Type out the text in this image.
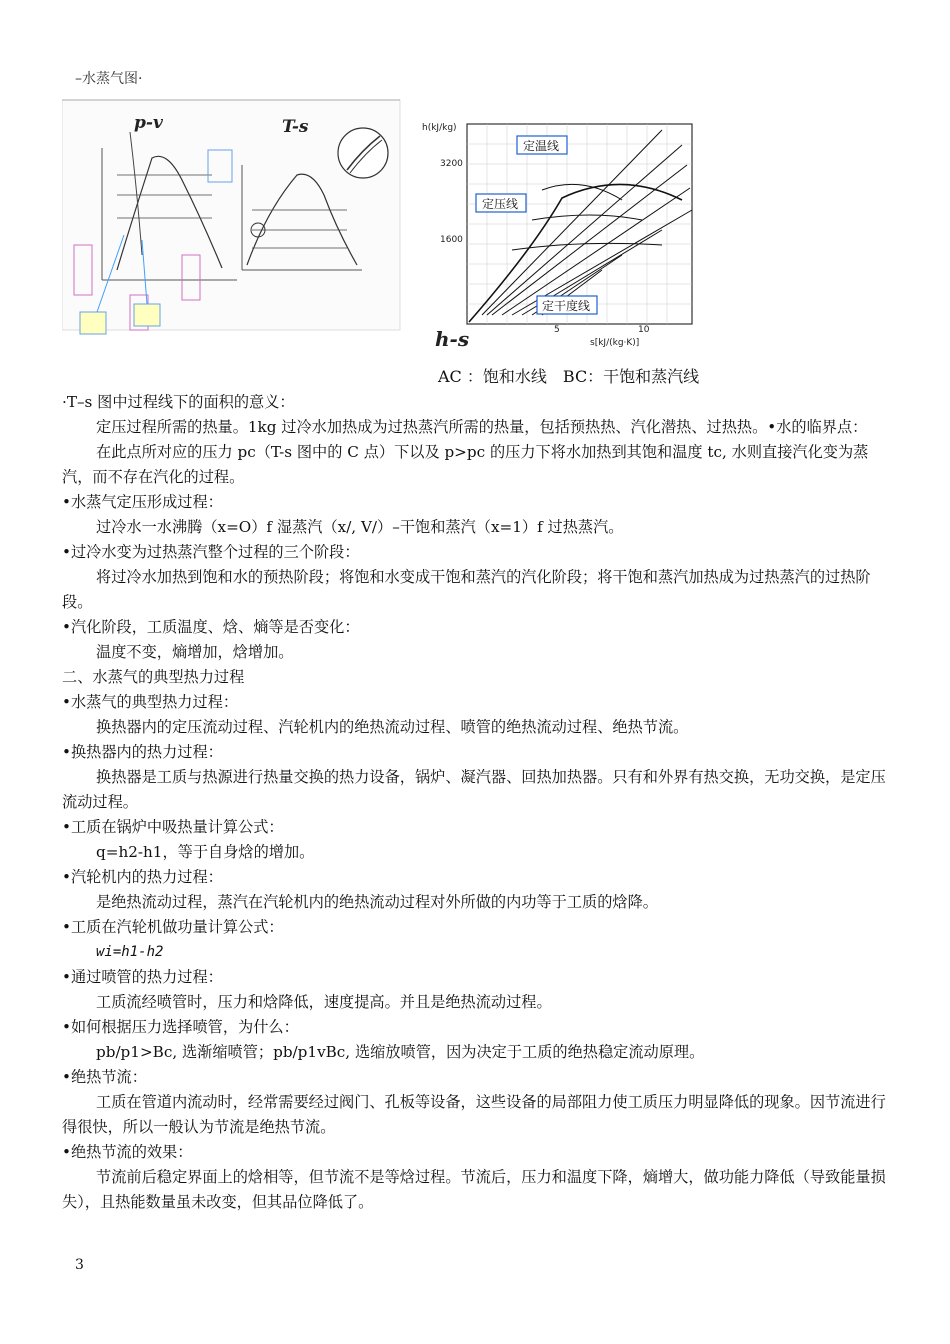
–水蒸气图·
p-v	T-s
定温线
定压线
定干度线
h(kJ/kg)
3200
1600
5	10
s[kJ/(kg·K)]
h-s
AC ：饱和水线　BC：干饱和蒸汽线

·T–s 图中过程线下的面积的意义：

定压过程所需的热量。1kg 过冷水加热成为过热蒸汽所需的热量，包括预热热、汽化潜热、过热热。•水的临界点：

在此点所对应的压力 pc（T-s 图中的 C 点）下以及 p>pc 的压力下将水加热到其饱和温度 tc, 水则直接汽化变为蒸汽，而不存在汽化的过程。

•水蒸气定压形成过程：

过冷水一水沸腾（x=O）f 湿蒸汽（x/, V/）–干饱和蒸汽（x=1）f 过热蒸汽。

•过冷水变为过热蒸汽整个过程的三个阶段：

将过冷水加热到饱和水的预热阶段；将饱和水变成干饱和蒸汽的汽化阶段；将干饱和蒸汽加热成为过热蒸汽的过热阶段。

•汽化阶段，工质温度、焓、熵等是否变化：

温度不变，熵增加，焓增加。

二、水蒸气的典型热力过程

•水蒸气的典型热力过程：

换热器内的定压流动过程、汽轮机内的绝热流动过程、喷管的绝热流动过程、绝热节流。

•换热器内的热力过程：

换热器是工质与热源进行热量交换的热力设备，锅炉、凝汽器、回热加热器。只有和外界有热交换，无功交换，是定压流动过程。

•工质在锅炉中吸热量计算公式：

q=h2-h1，等于自身焓的增加。

•汽轮机内的热力过程：

是绝热流动过程，蒸汽在汽轮机内的绝热流动过程对外所做的内功等于工质的焓降。

•工质在汽轮机做功量计算公式：

wi=h1-h2

•通过喷管的热力过程：

工质流经喷管时，压力和焓降低，速度提高。并且是绝热流动过程。

•如何根据压力选择喷管，为什么：

pb/p1>Bc, 选渐缩喷管；pb/p1vBc, 选缩放喷管，因为决定于工质的绝热稳定流动原理。

•绝热节流：

工质在管道内流动时，经常需要经过阀门、孔板等设备，这些设备的局部阻力使工质压力明显降低的现象。因节流进行得很快，所以一般认为节流是绝热节流。

•绝热节流的效果：

节流前后稳定界面上的焓相等，但节流不是等焓过程。节流后，压力和温度下降，熵增大，做功能力降低（导致能量损失），且热能数量虽未改变，但其品位降低了。

3
